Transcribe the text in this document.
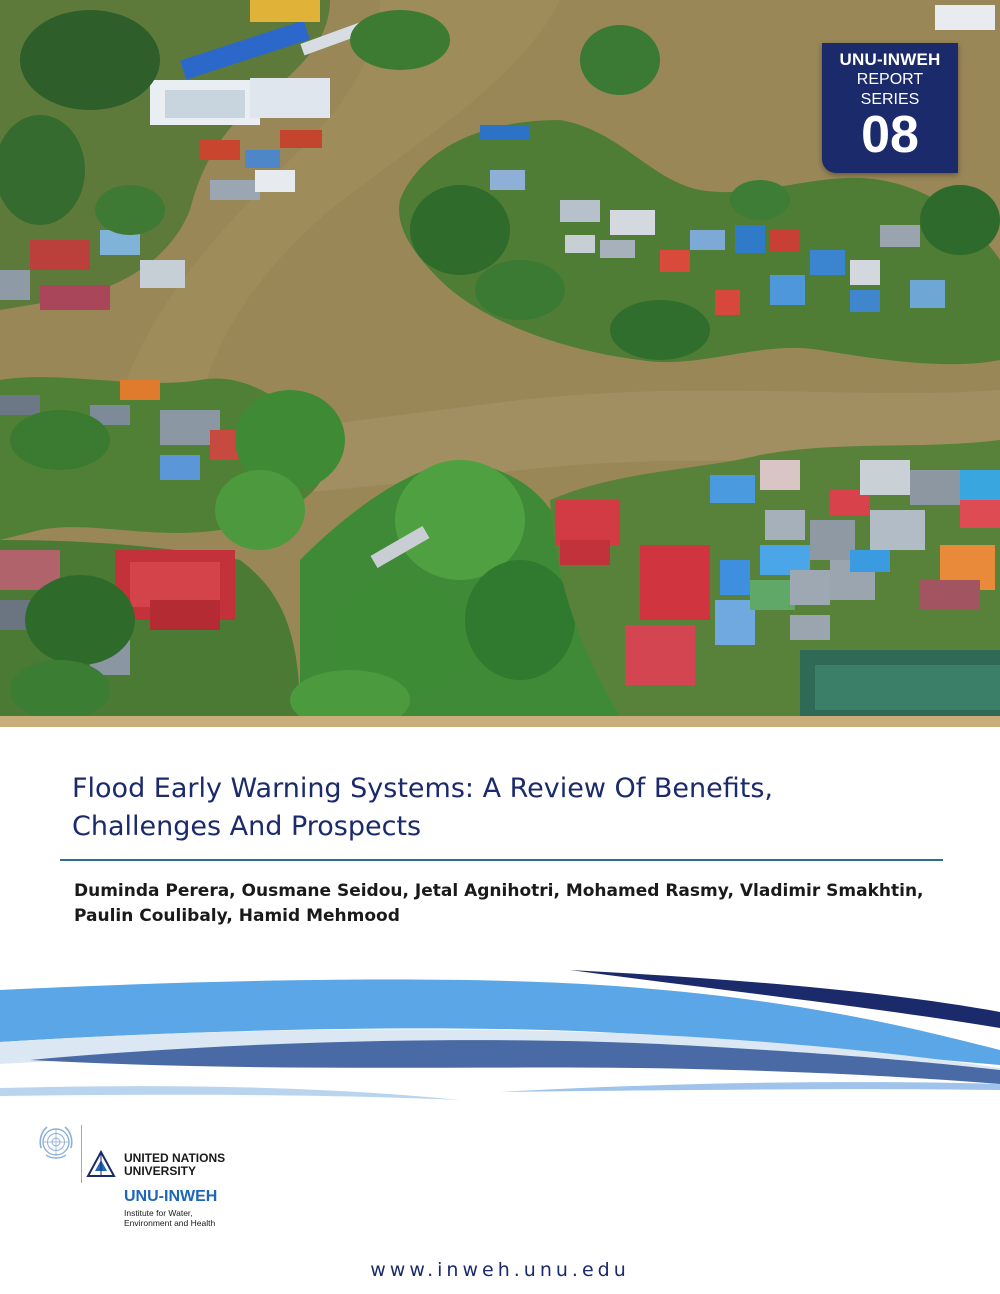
UNU-INWEH
REPORT
SERIES
08
Flood Early Warning Systems: A Review Of Benefits,
Challenges And Prospects
Duminda Perera, Ousmane Seidou, Jetal Agnihotri, Mohamed Rasmy, Vladimir Smakhtin,
Paulin Coulibaly, Hamid Mehmood
UNITED NATIONS
UNIVERSITY
UNU-INWEH
Institute for Water,
Environment and Health
www.inweh.unu.edu
